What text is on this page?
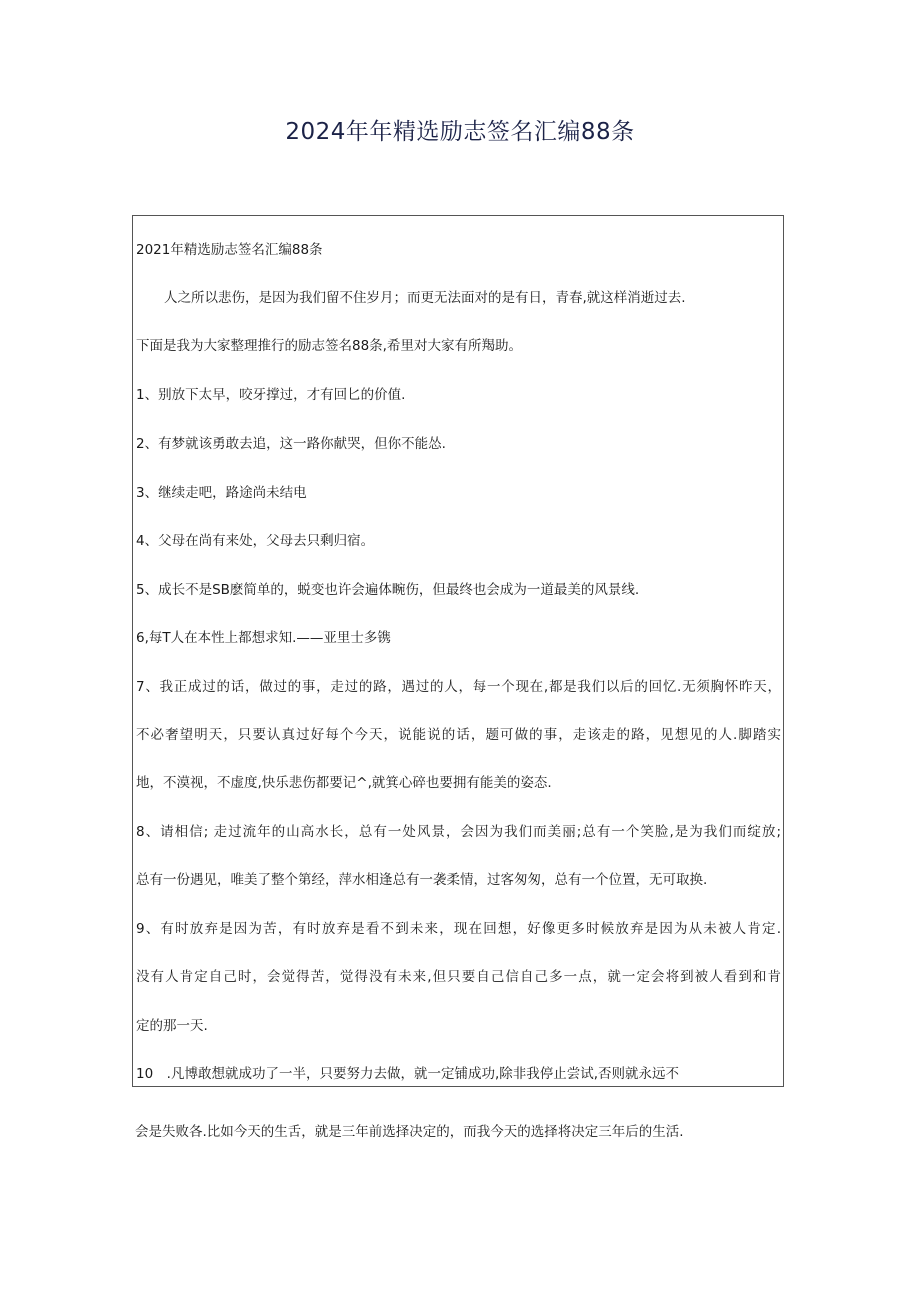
2024年年精选励志签名汇编88条
2021年精选励志签名汇编88条
人之所以悲伤，是因为我们留不住岁月；而更无法面对的是有日，青春,就这样消逝过去.
下面是我为大家整理推行的励志签名88条,希里对大家有所羯助。
1、别放下太早，咬牙撑过，才有回匕的价值.
2、有梦就该勇敢去追，这一路你献哭，但你不能怂.
3、继续走吧，路途尚未结电
4、父母在尚有来处，父母去只剩归宿。
5、成长不是SB麽简单的，蜕变也许会遍体畹伤，但最终也会成为一道最美的风景线.
6,每T人在本性上都想求知.——亚里士多镌
7、我正成过的话，做过的事，走过的路，遇过的人，每一个现在,都是我们以后的回忆.无须胸怀昨天，
不必奢望明天，只要认真过好每个今天，说能说的话，题可做的事，走该走的路，见想见的人.脚踏实
地，不漠视，不虚度,快乐悲伤都要记^,就箕心碎也要拥有能美的姿态.
8、请相信; 走过流年的山高水长，总有一处风景，会因为我们而美丽;总有一个笑脸,是为我们而绽放;
总有一份遇见，唯美了整个第经，萍水相逢总有一袭柔情，过客匆匆，总有一个位置，无可取换.
9、有时放弃是因为苦，有时放弃是看不到未来，现在回想，好像更多时候放弃是因为从未被人肯定.
没有人肯定自己时，会觉得苦，觉得没有未来,但只要自己信自己多一点，就一定会将到被人看到和肯
定的那一天.
10　.凡博敢想就成功了一半，只要努力去做，就一定铺成功,除非我停止尝试,否则就永远不
会是失败各.比如今天的生舌，就是三年前选择决定的，而我今天的选择将决定三年后的生活.
